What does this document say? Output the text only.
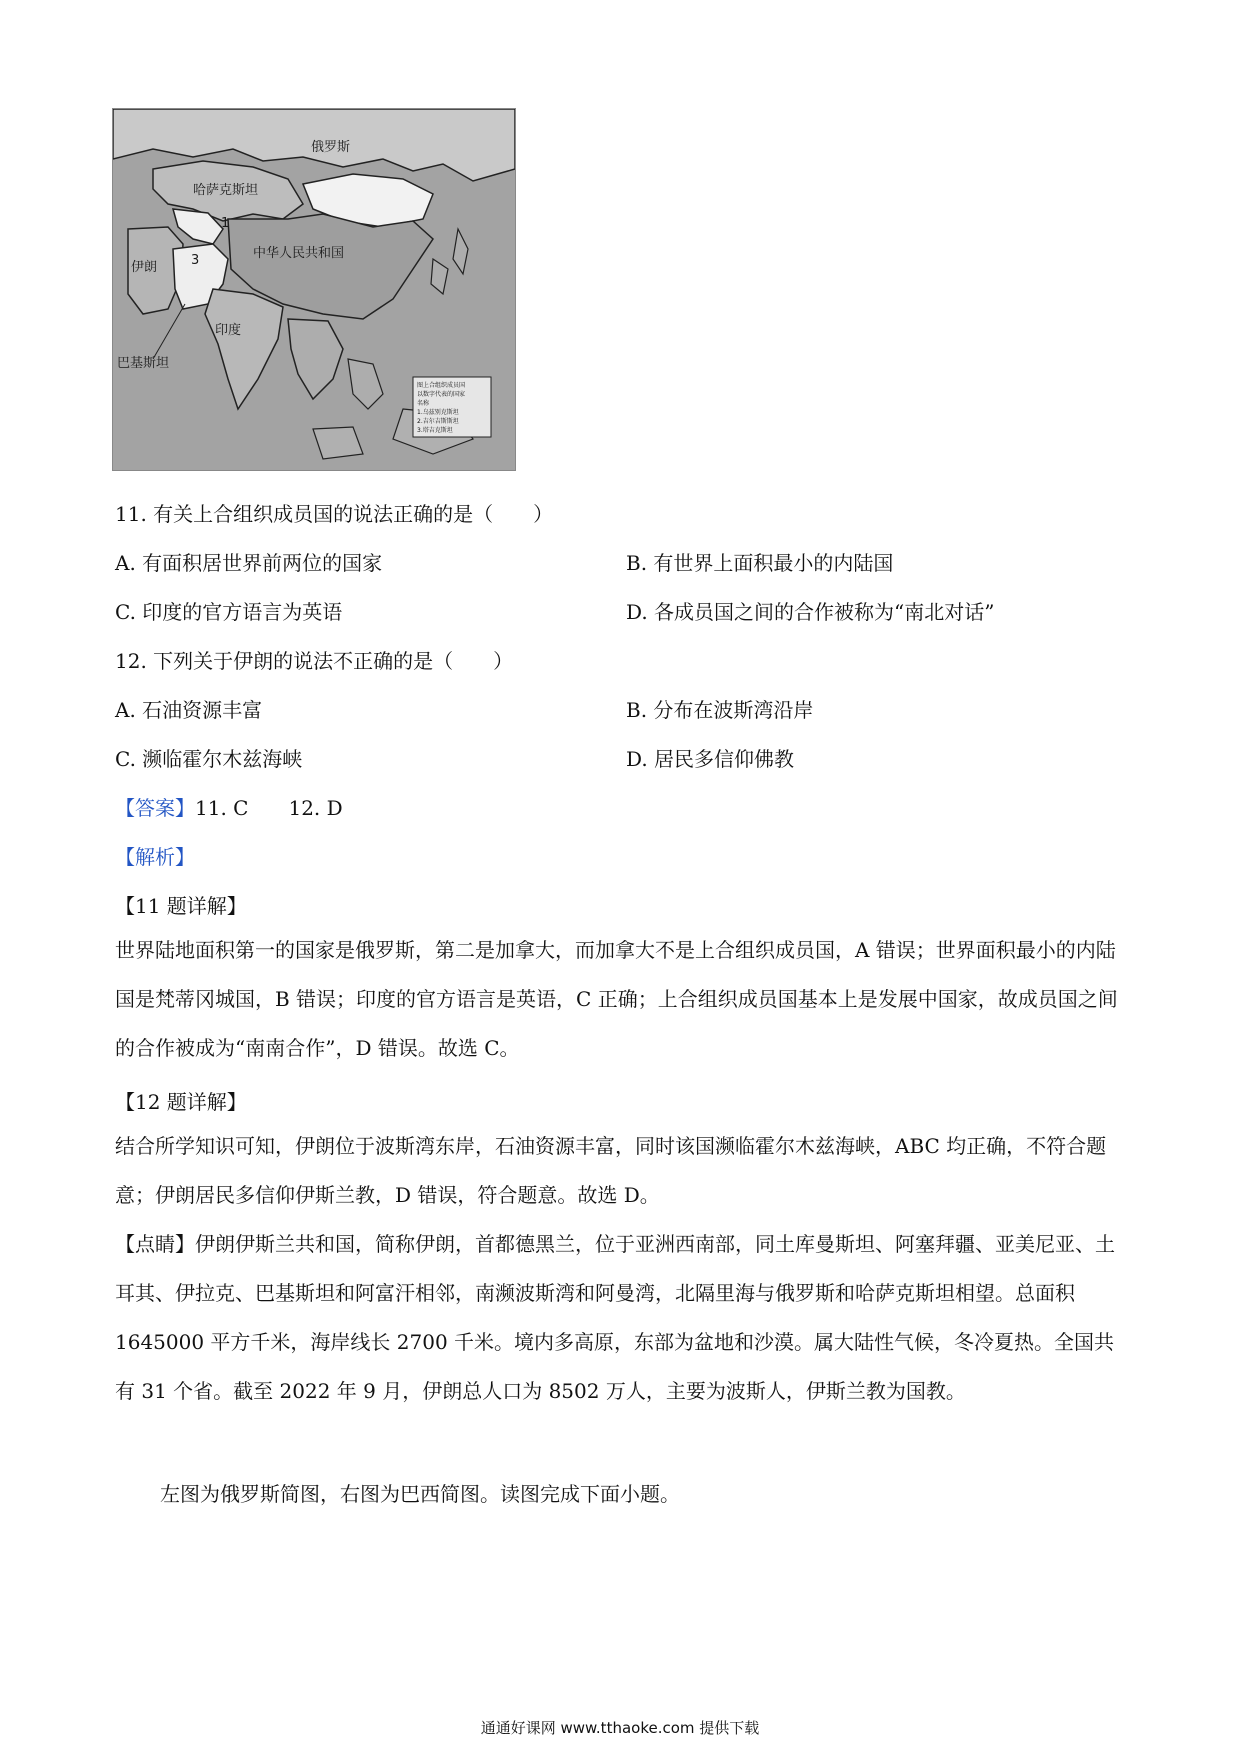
图上合组织成员国
以数字代表的国家
名称
1.乌兹别克斯坦
2.吉尔吉斯斯坦
3.塔吉克斯坦
俄罗斯
哈萨克斯坦
伊朗
中华人民共和国
印度
巴基斯坦
1
3
11. 有关上合组织成员国的说法正确的是（　　）
A. 有面积居世界前两位的国家	B. 有世界上面积最小的内陆国
C. 印度的官方语言为英语	D. 各成员国之间的合作被称为“南北对话”
12. 下列关于伊朗的说法不正确的是（　　）
A. 石油资源丰富	B. 分布在波斯湾沿岸
C. 濒临霍尔木兹海峡	D. 居民多信仰佛教
【答案】11. C 12. D
【解析】
【11 题详解】
世界陆地面积第一的国家是俄罗斯，第二是加拿大，而加拿大不是上合组织成员国，A 错误；世界面积最小的内陆国是梵蒂冈城国，B 错误；印度的官方语言是英语，C 正确；上合组织成员国基本上是发展中国家，故成员国之间的合作被成为“南南合作”，D 错误。故选 C。
【12 题详解】
结合所学知识可知，伊朗位于波斯湾东岸，石油资源丰富，同时该国濒临霍尔木兹海峡，ABC 均正确，不符合题意；伊朗居民多信仰伊斯兰教，D 错误，符合题意。故选 D。
【点睛】伊朗伊斯兰共和国，简称伊朗，首都德黑兰，位于亚洲西南部，同土库曼斯坦、阿塞拜疆、亚美尼亚、土耳其、伊拉克、巴基斯坦和阿富汗相邻，南濒波斯湾和阿曼湾，北隔里海与俄罗斯和哈萨克斯坦相望。总面积 1645000 平方千米，海岸线长 2700 千米。境内多高原，东部为盆地和沙漠。属大陆性气候，冬冷夏热。全国共有 31 个省。截至 2022 年 9 月，伊朗总人口为 8502 万人，主要为波斯人，伊斯兰教为国教。
左图为俄罗斯简图，右图为巴西简图。读图完成下面小题。
通通好课网 www.tthaoke.com 提供下载
